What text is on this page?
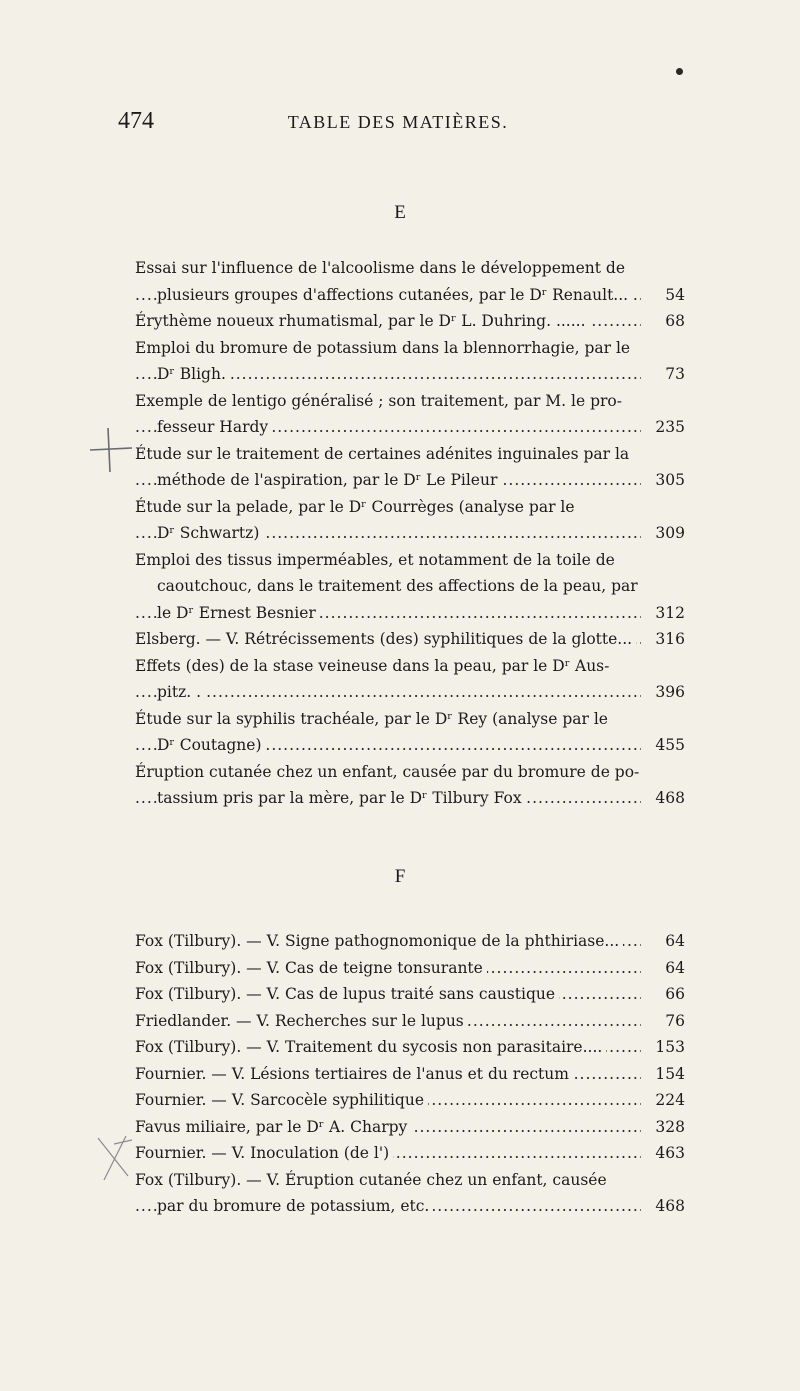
474	TABLE DES MATIÈRES.
E
Essai sur l'influence de l'alcoolisme dans le développement de
plusieurs groupes d'affections cutanées, par le Dʳ Renault...	54
.....
Érythème noueux rhumatismal, par le Dʳ L. Duhring. ......	68
.....
Emploi du bromure de potassium dans la blennorrhagie, par le
Dʳ Bligh.	73
.....
Exemple de lentigo généralisé ; son traitement, par M. le pro-
fesseur Hardy	235
.....
Étude sur le traitement de certaines adénites inguinales par la
méthode de l'aspiration, par le Dʳ Le Pileur	305
.....
Étude sur la pelade, par le Dʳ Courrèges (analyse par le
Dʳ Schwartz)	309
.....
Emploi des tissus imperméables, et notamment de la toile de
caoutchouc, dans le traitement des affections de la peau, par
le Dʳ Ernest Besnier	312
.....
Elsberg. — V. Rétrécissements (des) syphilitiques de la glotte...	316
.....
Effets (des) de la stase veineuse dans la peau, par le Dʳ Aus-
pitz. .	396
.....
Étude sur la syphilis trachéale, par le Dʳ Rey (analyse par le
Dʳ Coutagne)	455
.....
Éruption cutanée chez un enfant, causée par du bromure de po-
tassium pris par la mère, par le Dʳ Tilbury Fox	468
.....
F
Fox (Tilbury). — V. Signe pathognomonique de la phthiriase...	64
.....
Fox (Tilbury). — V. Cas de teigne tonsurante	64
.....
Fox (Tilbury). — V. Cas de lupus traité sans caustique	66
.....
Friedlander. — V. Recherches sur le lupus	76
.....
Fox (Tilbury). — V. Traitement du sycosis non parasitaire....	153
.....
Fournier. — V. Lésions tertiaires de l'anus et du rectum	154
.....
Fournier. — V. Sarcocèle syphilitique	224
.....
Favus miliaire, par le Dʳ A. Charpy	328
.....
Fournier. — V. Inoculation (de l')	463
.....
Fox (Tilbury). — V. Éruption cutanée chez un enfant, causée
par du bromure de potassium, etc.	468
.....
